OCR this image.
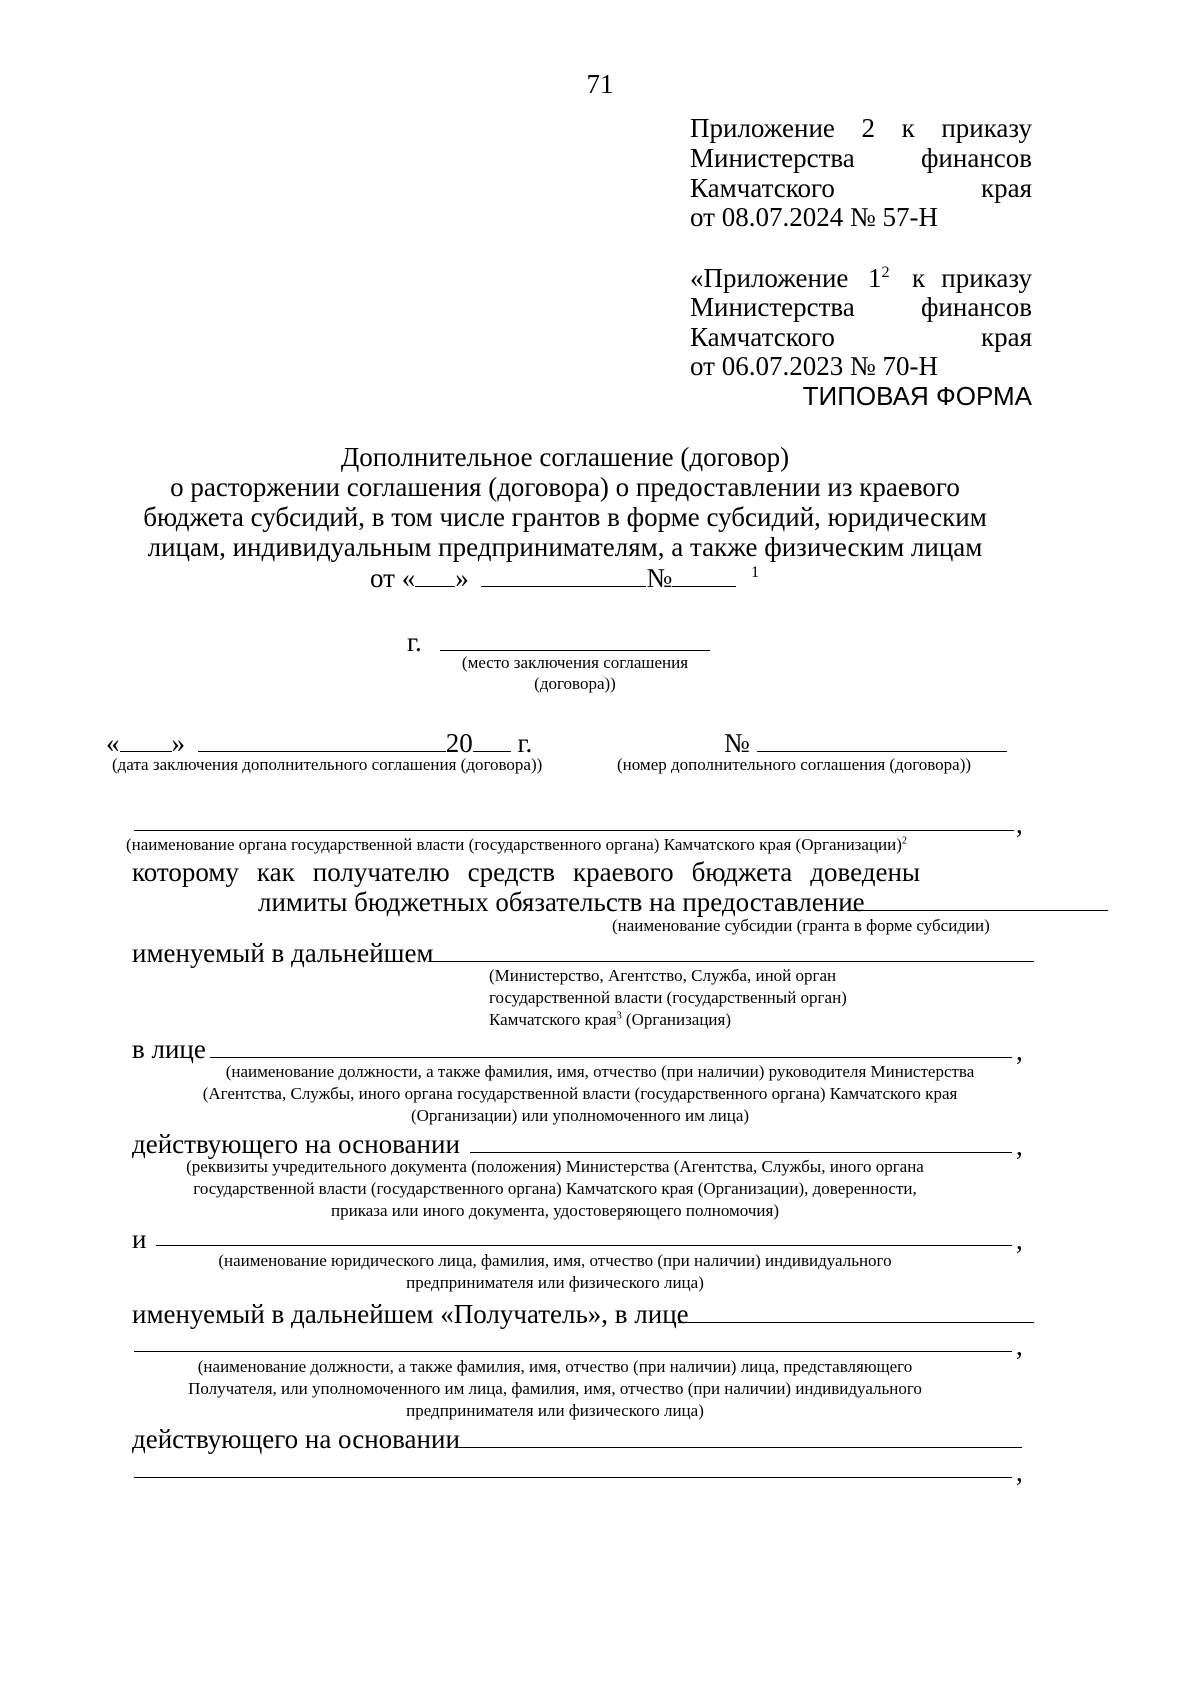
71
Приложение 2 к приказу
Министерства финансов
Камчатского	края
от 08.07.2024 № 57-Н
«Приложение $1^2$ к приказу
Министерства финансов
Камчатского	края
от 06.07.2023 № 70-Н
ТИПОВАЯ ФОРМА
Дополнительное соглашение (договор)
о расторжении соглашения (договора) о предоставлении из краевого
бюджета субсидий, в том числе грантов в форме субсидий, юридическим
лицам, индивидуальным предпринимателям, а также физическим лицам
от « »	№	$^1$
г.
(место заключения соглашения
(договора))
« »	20 г.	№
(дата заключения дополнительного соглашения (договора))	(номер дополнительного соглашения (договора))
,
(наименование органа государственной власти (государственного органа) Камчатского края (Организации)$^2$
которому как получателю средств краевого бюджета доведены
лимиты бюджетных обязательств на предоставление
(наименование субсидии (гранта в форме субсидии)
именуемый в дальнейшем
(Министерство, Агентство, Служба, иной орган
государственной власти (государственный орган)
Камчатского края$^3$ (Организация)
в лице	,
(наименование должности, а также фамилия, имя, отчество (при наличии) руководителя Министерства
(Агентства, Службы, иного органа государственной власти (государственного органа) Камчатского края
(Организации) или уполномоченного им лица)
действующего на основании	,
(реквизиты учредительного документа (положения) Министерства (Агентства, Службы, иного органа
государственной власти (государственного органа) Камчатского края (Организации), доверенности,
приказа или иного документа, удостоверяющего полномочия)
и	,
(наименование юридического лица, фамилия, имя, отчество (при наличии) индивидуального
предпринимателя или физического лица)
именуемый в дальнейшем «Получатель», в лице
,
(наименование должности, а также фамилия, имя, отчество (при наличии) лица, представляющего
Получателя, или уполномоченного им лица, фамилия, имя, отчество (при наличии) индивидуального
предпринимателя или физического лица)
действующего на основании
,
